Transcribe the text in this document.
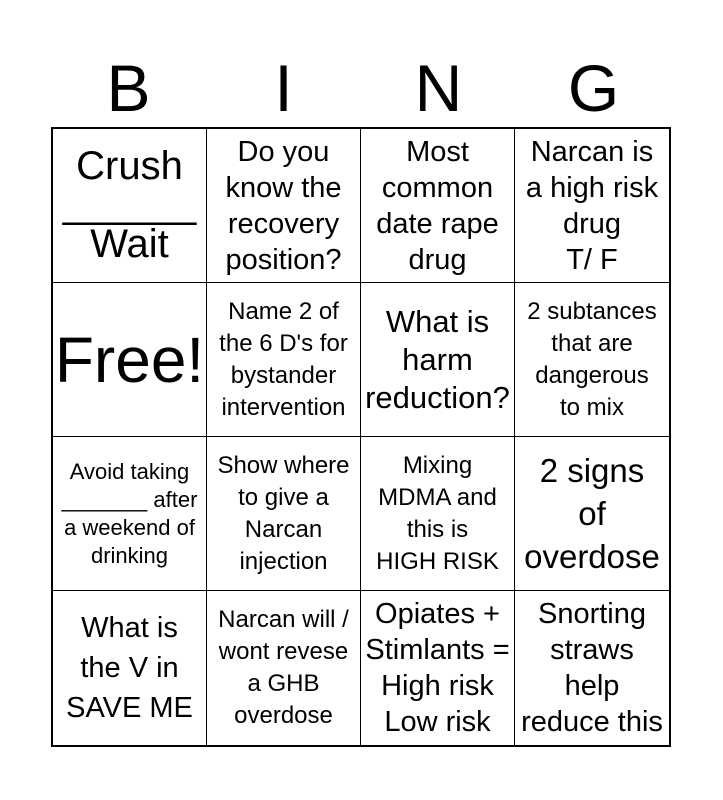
B	I	N	G
Crush
______
Wait
Do you
know the
recovery
position?
Most
common
date rape
drug
Narcan is
a high risk
drug
T/ F
Free!
Name 2 of
the 6 D's for
bystander
intervention
What is
harm
reduction?
2 subtances
that are
dangerous
to mix
Avoid taking
_______ after
a weekend of
drinking
Show where
to give a
Narcan
injection
Mixing
MDMA and
this is
HIGH RISK
2 signs
of
overdose
What is
the V in
SAVE ME
Narcan will /
wont revese
a GHB
overdose
Opiates +
Stimlants =
High risk
Low risk
Snorting
straws
help
reduce this
